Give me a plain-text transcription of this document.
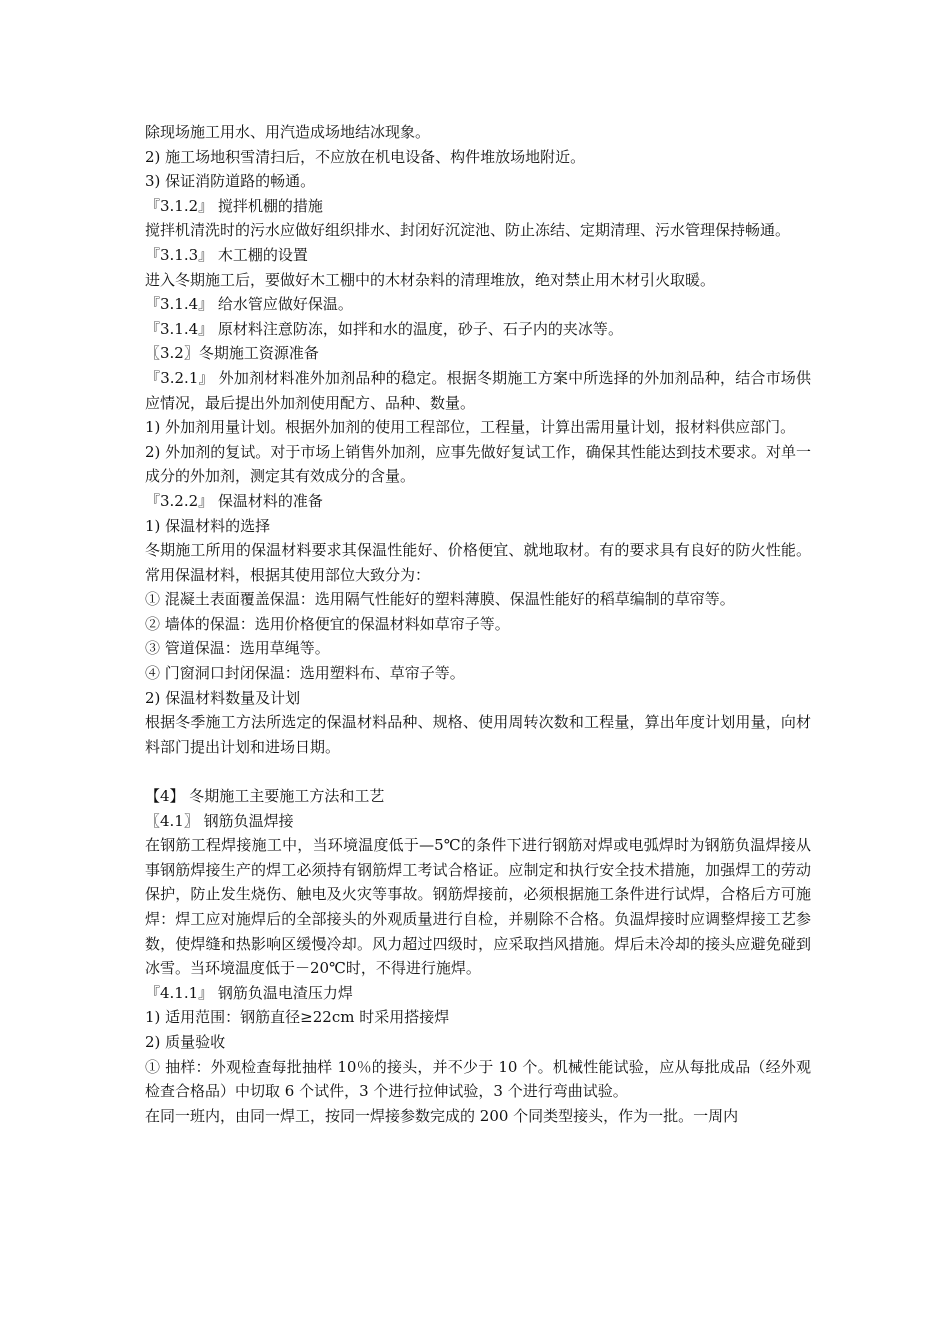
除现场施工用水、用汽造成场地结冰现象。

2) 施工场地积雪清扫后，不应放在机电设备、构件堆放场地附近。

3) 保证消防道路的畅通。

『3.1.2』 搅拌机棚的措施

搅拌机清洗时的污水应做好组织排水、封闭好沉淀池、防止冻结、定期清理、污水管理保持畅通。

『3.1.3』 木工棚的设置

进入冬期施工后，要做好木工棚中的木材杂料的清理堆放，绝对禁止用木材引火取暖。

『3.1.4』 给水管应做好保温。

『3.1.4』 原材料注意防冻，如拌和水的温度，砂子、石子内的夹冰等。

〖3.2〗冬期施工资源准备

『3.2.1』 外加剂材料准外加剂品种的稳定。根据冬期施工方案中所选择的外加剂品种，结合市场供应情况，最后提出外加剂使用配方、品种、数量。

1) 外加剂用量计划。根据外加剂的使用工程部位，工程量，计算出需用量计划，报材料供应部门。

2) 外加剂的复试。对于市场上销售外加剂，应事先做好复试工作，确保其性能达到技术要求。对单一成分的外加剂，测定其有效成分的含量。

『3.2.2』 保温材料的准备

1) 保温材料的选择

冬期施工所用的保温材料要求其保温性能好、价格便宜、就地取材。有的要求具有良好的防火性能。常用保温材料，根据其使用部位大致分为：

① 混凝土表面覆盖保温：选用隔气性能好的塑料薄膜、保温性能好的稻草编制的草帘等。

② 墙体的保温：选用价格便宜的保温材料如草帘子等。

③ 管道保温：选用草绳等。

④ 门窗洞口封闭保温：选用塑料布、草帘子等。

2) 保温材料数量及计划

根据冬季施工方法所选定的保温材料品种、规格、使用周转次数和工程量，算出年度计划用量，向材料部门提出计划和进场日期。

【4】 冬期施工主要施工方法和工艺

〖4.1〗 钢筋负温焊接

在钢筋工程焊接施工中，当环境温度低于—5℃的条件下进行钢筋对焊或电弧焊时为钢筋负温焊接从事钢筋焊接生产的焊工必须持有钢筋焊工考试合格证。应制定和执行安全技术措施，加强焊工的劳动保护，防止发生烧伤、触电及火灾等事故。钢筋焊接前，必须根据施工条件进行试焊，合格后方可施焊：焊工应对施焊后的全部接头的外观质量进行自检，并剔除不合格。负温焊接时应调整焊接工艺参数，使焊缝和热影响区缓慢冷却。风力超过四级时，应采取挡风措施。焊后未冷却的接头应避免碰到冰雪。当环境温度低于－20℃时，不得进行施焊。

『4.1.1』 钢筋负温电渣压力焊

1) 适用范围：钢筋直径≥22cm 时采用搭接焊

2) 质量验收

① 抽样：外观检查每批抽样 10％的接头，并不少于 10 个。机械性能试验，应从每批成品（经外观检查合格品）中切取 6 个试件，3 个进行拉伸试验，3 个进行弯曲试验。

在同一班内，由同一焊工，按同一焊接参数完成的 200 个同类型接头，作为一批。一周内
